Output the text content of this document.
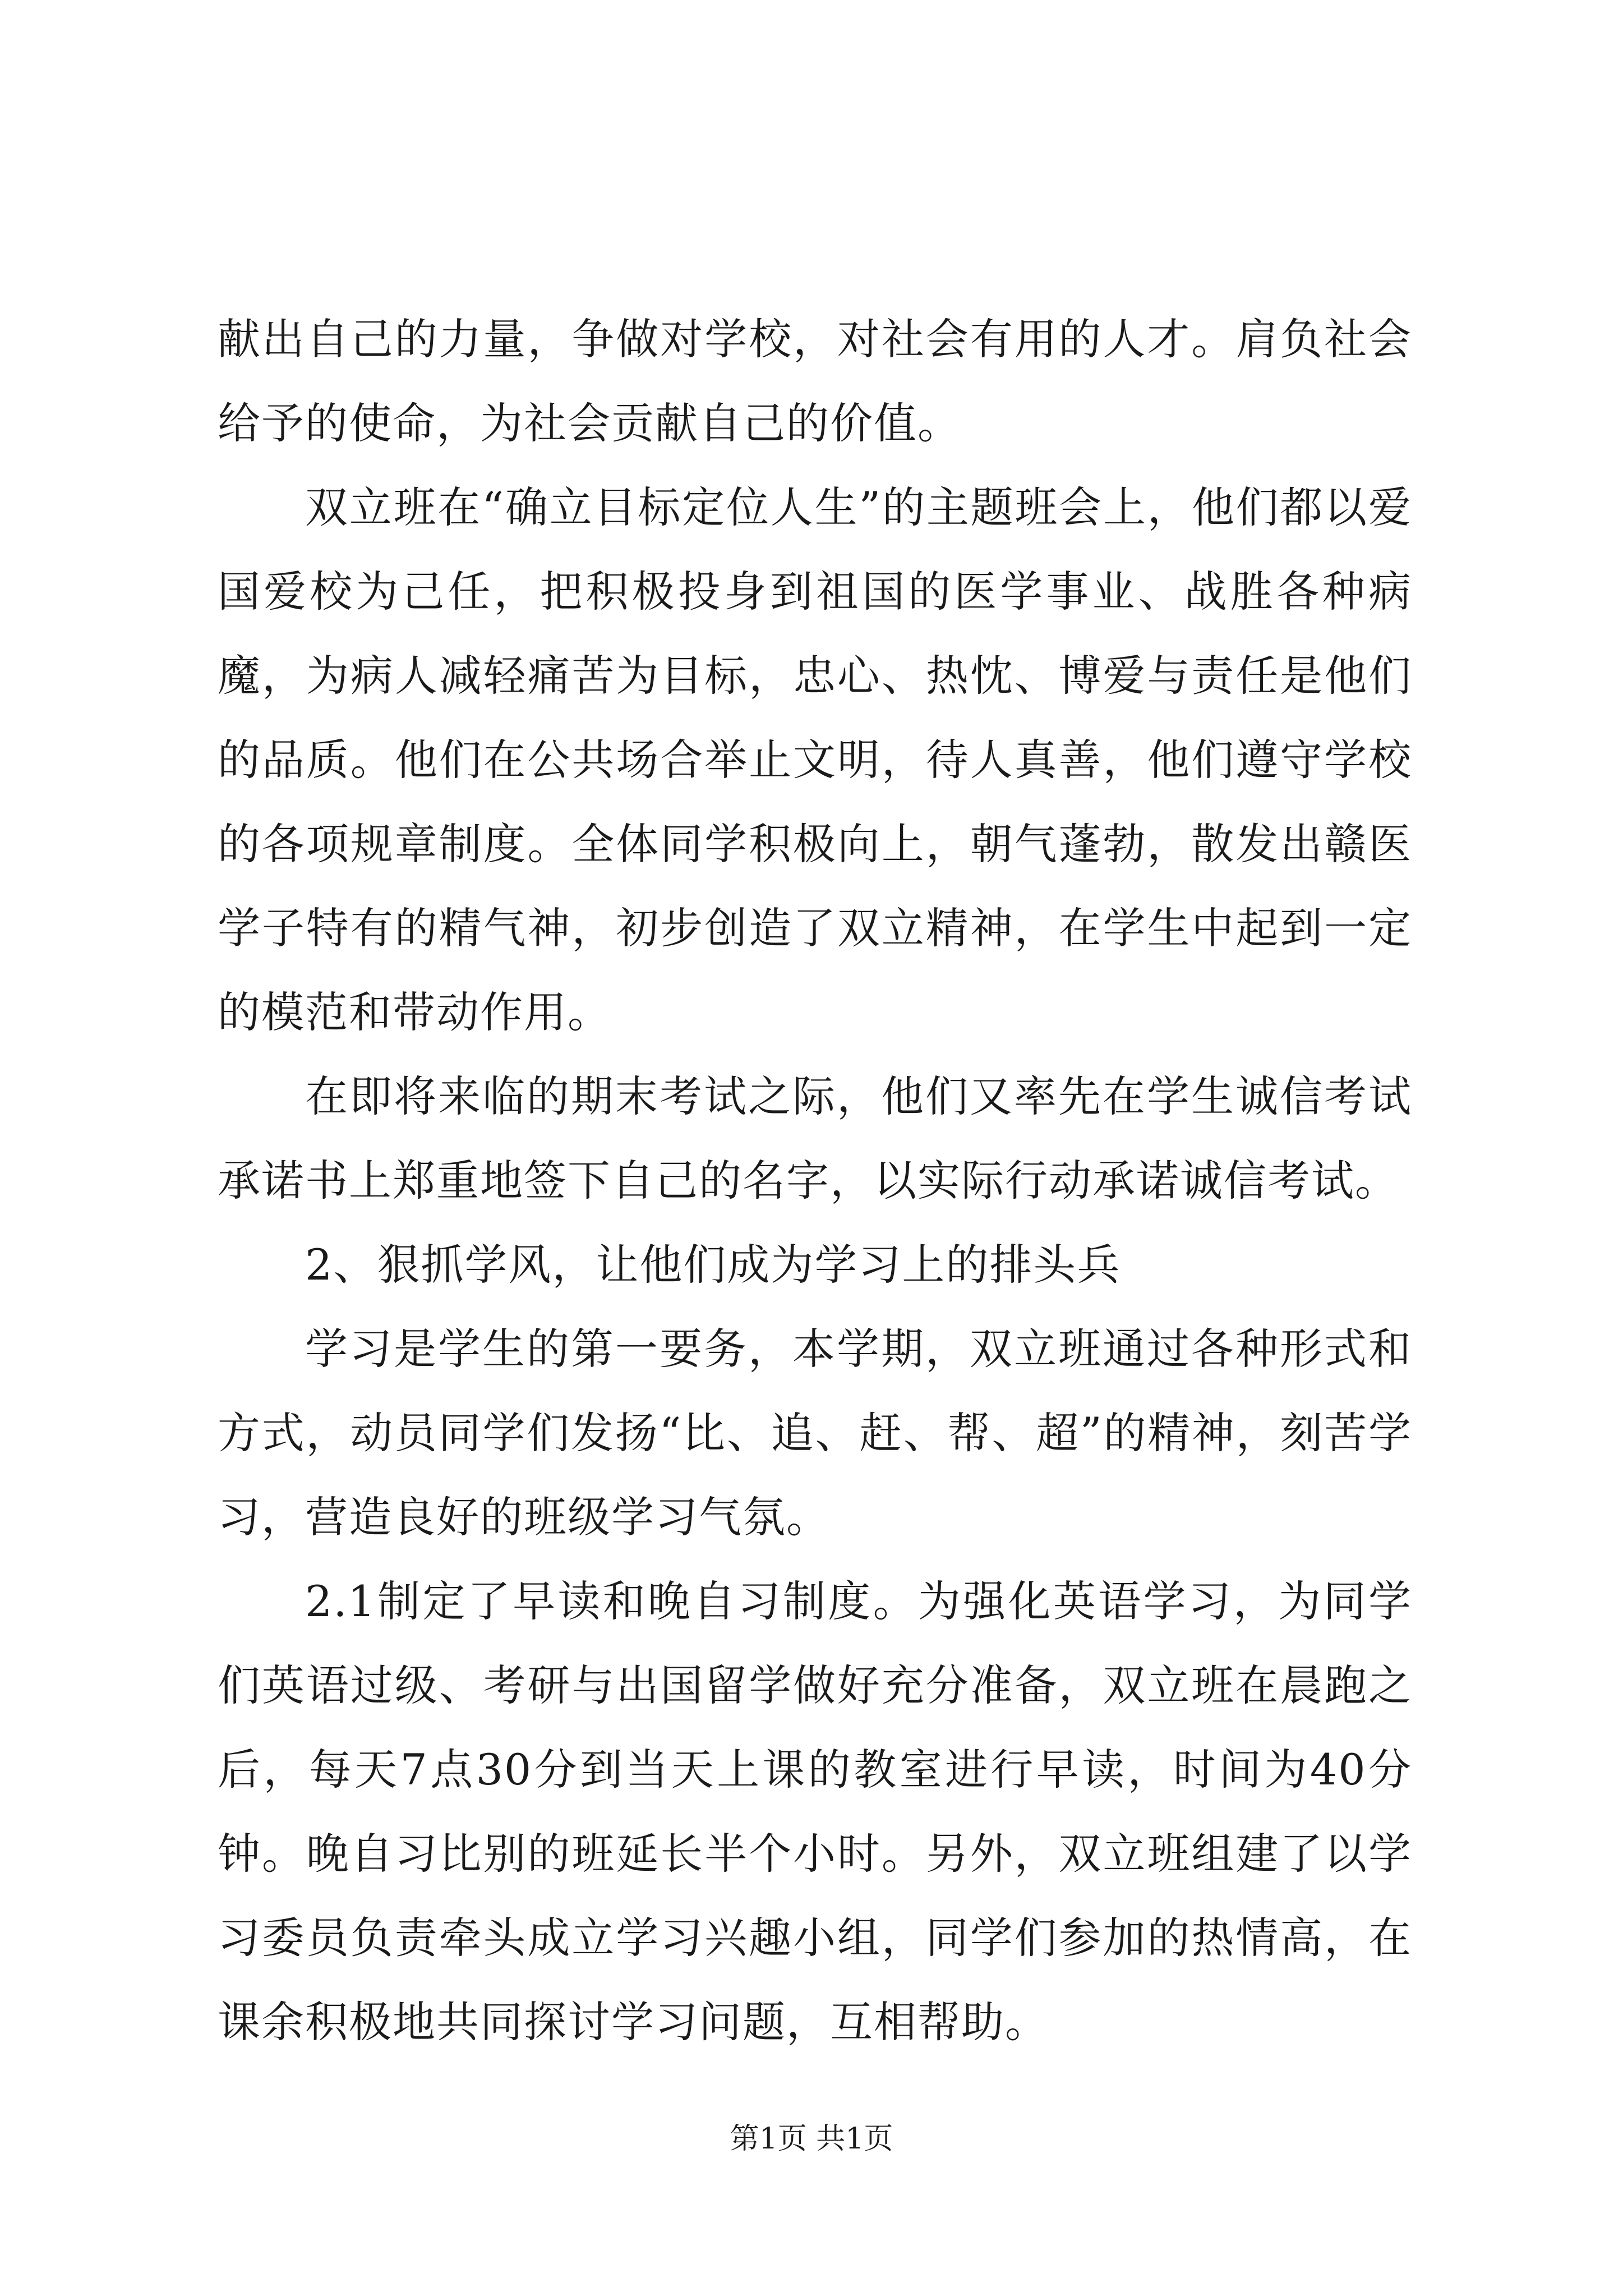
献出自己的力量，争做对学校，对社会有用的人才。肩负社会给予的使命，为社会贡献自己的价值。

双立班在“确立目标定位人生”的主题班会上，他们都以爱国爱校为己任，把积极投身到祖国的医学事业、战胜各种病魔，为病人减轻痛苦为目标，忠心、热忱、博爱与责任是他们的品质。他们在公共场合举止文明，待人真善，他们遵守学校的各项规章制度。全体同学积极向上，朝气蓬勃，散发出赣医学子特有的精气神，初步创造了双立精神，在学生中起到一定的模范和带动作用。

在即将来临的期末考试之际，他们又率先在学生诚信考试承诺书上郑重地签下自己的名字，以实际行动承诺诚信考试。

2、狠抓学风，让他们成为学习上的排头兵

学习是学生的第一要务，本学期，双立班通过各种形式和方式，动员同学们发扬“比、追、赶、帮、超”的精神，刻苦学习，营造良好的班级学习气氛。

2.1制定了早读和晚自习制度。为强化英语学习，为同学们英语过级、考研与出国留学做好充分准备，双立班在晨跑之后，每天7点30分到当天上课的教室进行早读，时间为40分钟。晚自习比别的班延长半个小时。另外，双立班组建了以学习委员负责牵头成立学习兴趣小组，同学们参加的热情高，在课余积极地共同探讨学习问题，互相帮助。

第1页 共1页
